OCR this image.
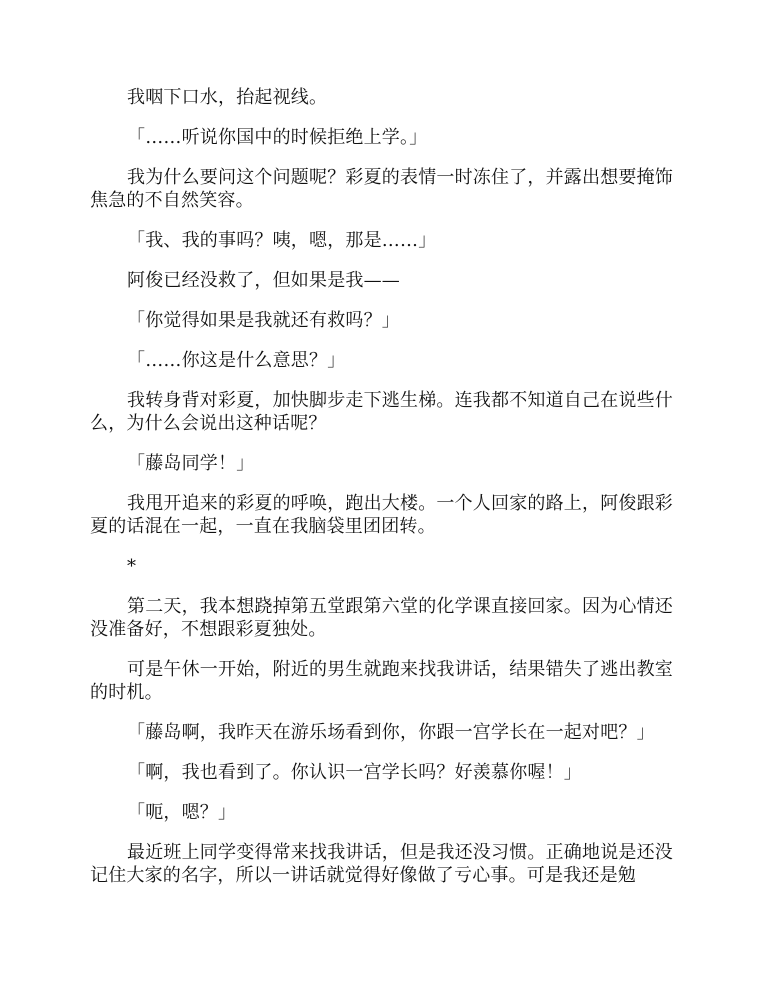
我咽下口水，抬起视线。

「……听说你国中的时候拒绝上学。」

我为什么要问这个问题呢？彩夏的表情一时冻住了，并露出想要掩饰焦急的不自然笑容。

「我、我的事吗？咦，嗯，那是……」

阿俊已经没救了，但如果是我——

「你觉得如果是我就还有救吗？」

「……你这是什么意思？」

我转身背对彩夏，加快脚步走下逃生梯。连我都不知道自己在说些什么，为什么会说出这种话呢？

「藤岛同学！」

我甩开追来的彩夏的呼唤，跑出大楼。一个人回家的路上，阿俊跟彩夏的话混在一起，一直在我脑袋里团团转。

*

第二天，我本想跷掉第五堂跟第六堂的化学课直接回家。因为心情还没准备好，不想跟彩夏独处。

可是午休一开始，附近的男生就跑来找我讲话，结果错失了逃出教室的时机。

「藤岛啊，我昨天在游乐场看到你，你跟一宫学长在一起对吧？」

「啊，我也看到了。你认识一宫学长吗？好羡慕你喔！」

「呃，嗯？」

最近班上同学变得常来找我讲话，但是我还没习惯。正确地说是还没记住大家的名字，所以一讲话就觉得好像做了亏心事。可是我还是勉
